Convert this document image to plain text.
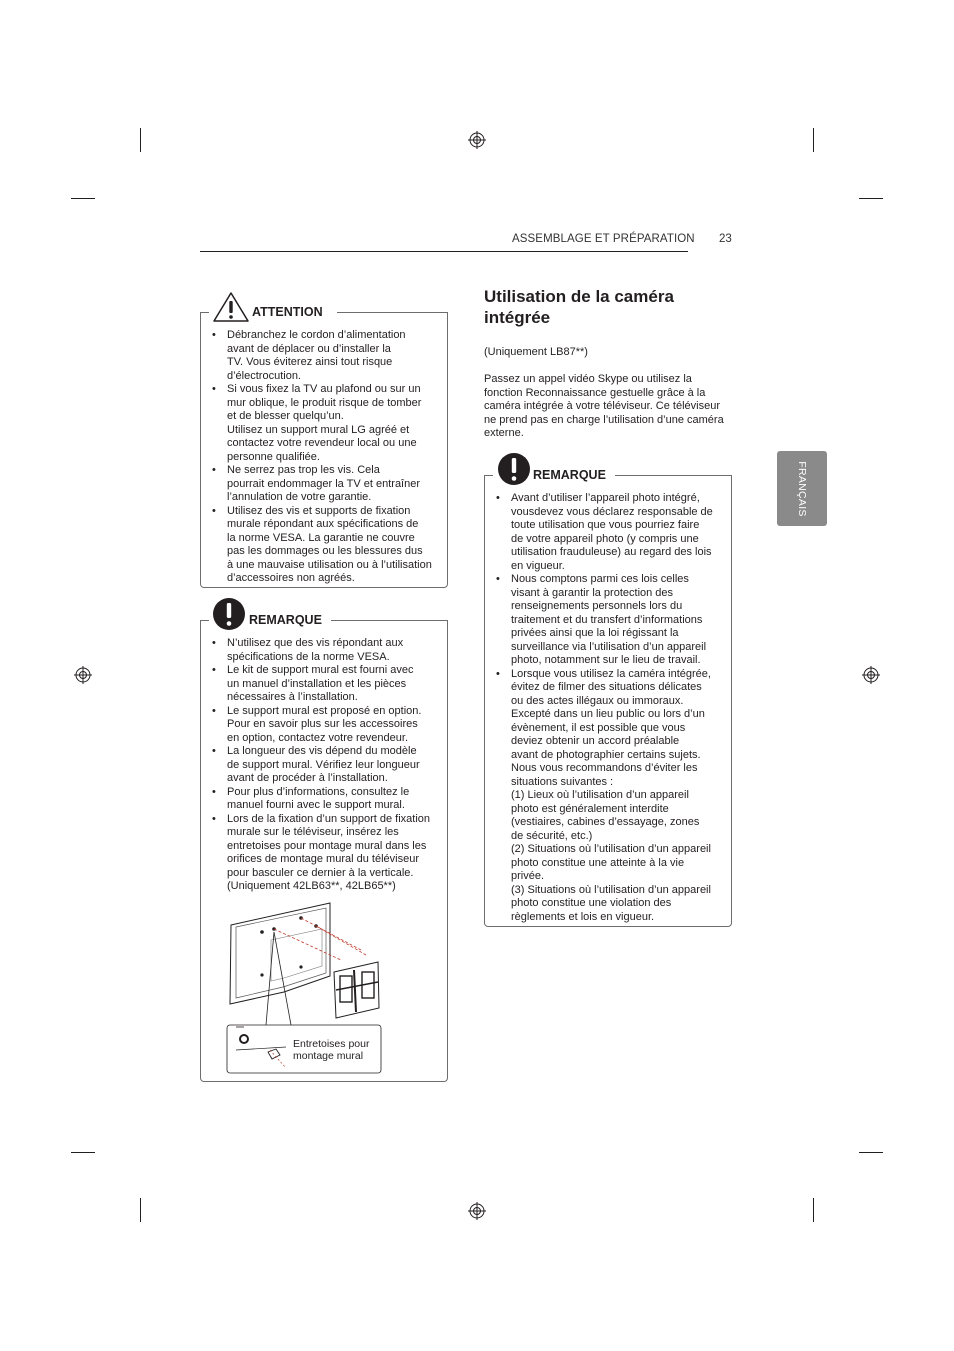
ASSEMBLAGE ET PRÉPARATION 23
FRANÇAIS
ATTENTION
• Débranchez le cordon d’alimentation
avant de déplacer ou d’installer la
TV. Vous éviterez ainsi tout risque
d’électrocution.
• Si vous fixez la TV au plafond ou sur un
mur oblique, le produit risque de tomber
et de blesser quelqu’un.
Utilisez un support mural LG agréé et
contactez votre revendeur local ou une
personne qualifiée.
• Ne serrez pas trop les vis. Cela
pourrait endommager la TV et entraîner
l’annulation de votre garantie.
• Utilisez des vis et supports de fixation
murale répondant aux spécifications de
la norme VESA. La garantie ne couvre
pas les dommages ou les blessures dus
à une mauvaise utilisation ou à l’utilisation
d’accessoires non agréés.
REMARQUE
• N’utilisez que des vis répondant aux
spécifications de la norme VESA.
• Le kit de support mural est fourni avec
un manuel d’installation et les pièces
nécessaires à l’installation.
• Le support mural est proposé en option.
Pour en savoir plus sur les accessoires
en option, contactez votre revendeur.
• La longueur des vis dépend du modèle
de support mural. Vérifiez leur longueur
avant de procéder à l’installation.
• Pour plus d’informations, consultez le
manuel fourni avec le support mural.
• Lors de la fixation d’un support de fixation
murale sur le téléviseur, insérez les
entretoises pour montage mural dans les
orifices de montage mural du téléviseur
pour basculer ce dernier à la verticale.
(Uniquement 42LB63**, 42LB65**)
Entretoises pour
montage mural
Utilisation de la caméra
intégrée
(Uniquement LB87**)
Passez un appel vidéo Skype ou utilisez la
fonction Reconnaissance gestuelle grâce à la
caméra intégrée à votre téléviseur. Ce téléviseur
ne prend pas en charge l’utilisation d’une caméra
externe.
REMARQUE
• Avant d’utiliser l’appareil photo intégré,
vousdevez vous déclarez responsable de
toute utilisation que vous pourriez faire
de votre appareil photo (y compris une
utilisation frauduleuse) au regard des lois
en vigueur.
• Nous comptons parmi ces lois celles
visant à garantir la protection des
renseignements personnels lors du
traitement et du transfert d’informations
privées ainsi que la loi régissant la
surveillance via l’utilisation d’un appareil
photo, notamment sur le lieu de travail.
• Lorsque vous utilisez la caméra intégrée,
évitez de filmer des situations délicates
ou des actes illégaux ou immoraux.
Excepté dans un lieu public ou lors d’un
évènement, il est possible que vous
deviez obtenir un accord préalable
avant de photographier certains sujets.
Nous vous recommandons d’éviter les
situations suivantes :
(1) Lieux où l’utilisation d’un appareil
photo est généralement interdite
(vestiaires, cabines d’essayage, zones
de sécurité, etc.)
(2) Situations où l’utilisation d’un appareil
photo constitue une atteinte à la vie
privée.
(3) Situations où l’utilisation d’un appareil
photo constitue une violation des
règlements et lois en vigueur.
